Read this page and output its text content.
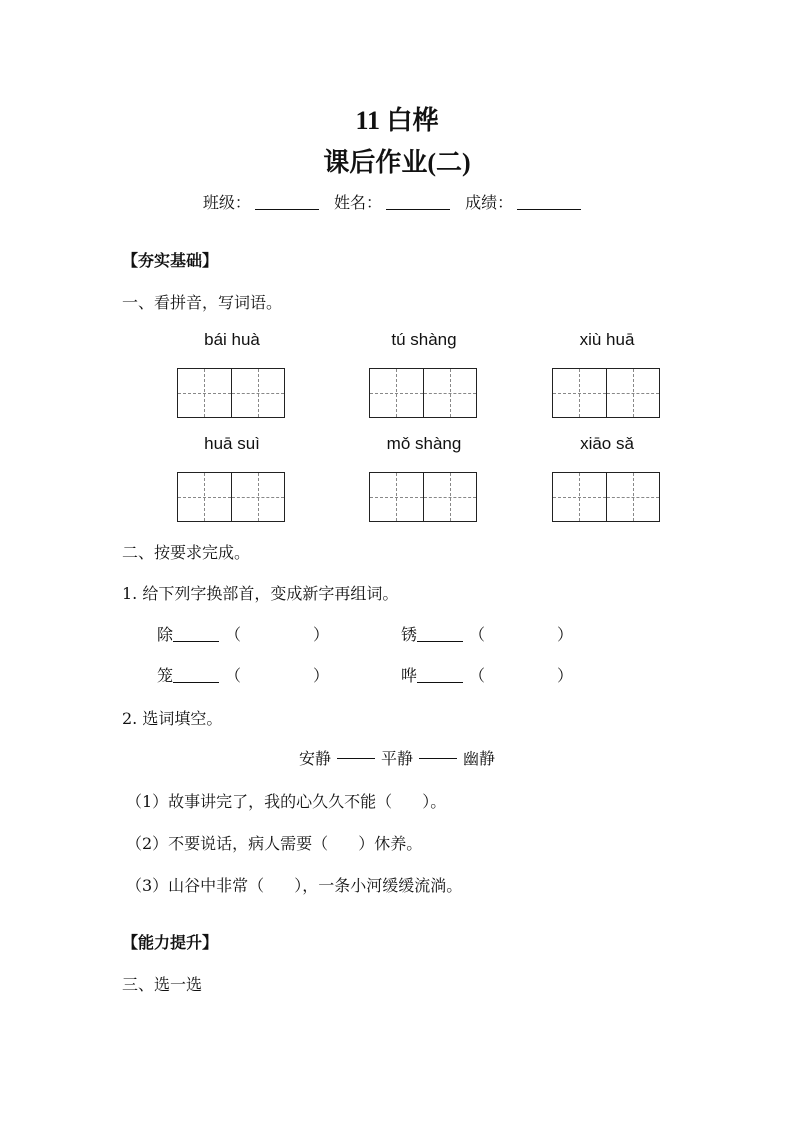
11 白桦
课后作业(二)
班级：	姓名：	成绩：
【夯实基础】
一、看拼音，写词语。
bái huà	tú shàng	xiù huā
huā suì	mǒ shàng	xiāo sǎ
二、按要求完成。
1. 给下列字换部首，变成新字再组词。
除	（	）	锈	（	）
笼	（	）	哗	（	）
2. 选词填空。
安静	平静	幽静
（1）故事讲完了，我的心久久不能（ ）。
（2）不要说话，病人需要（ ）休养。
（3）山谷中非常（ ），一条小河缓缓流淌。
【能力提升】
三、选一选
